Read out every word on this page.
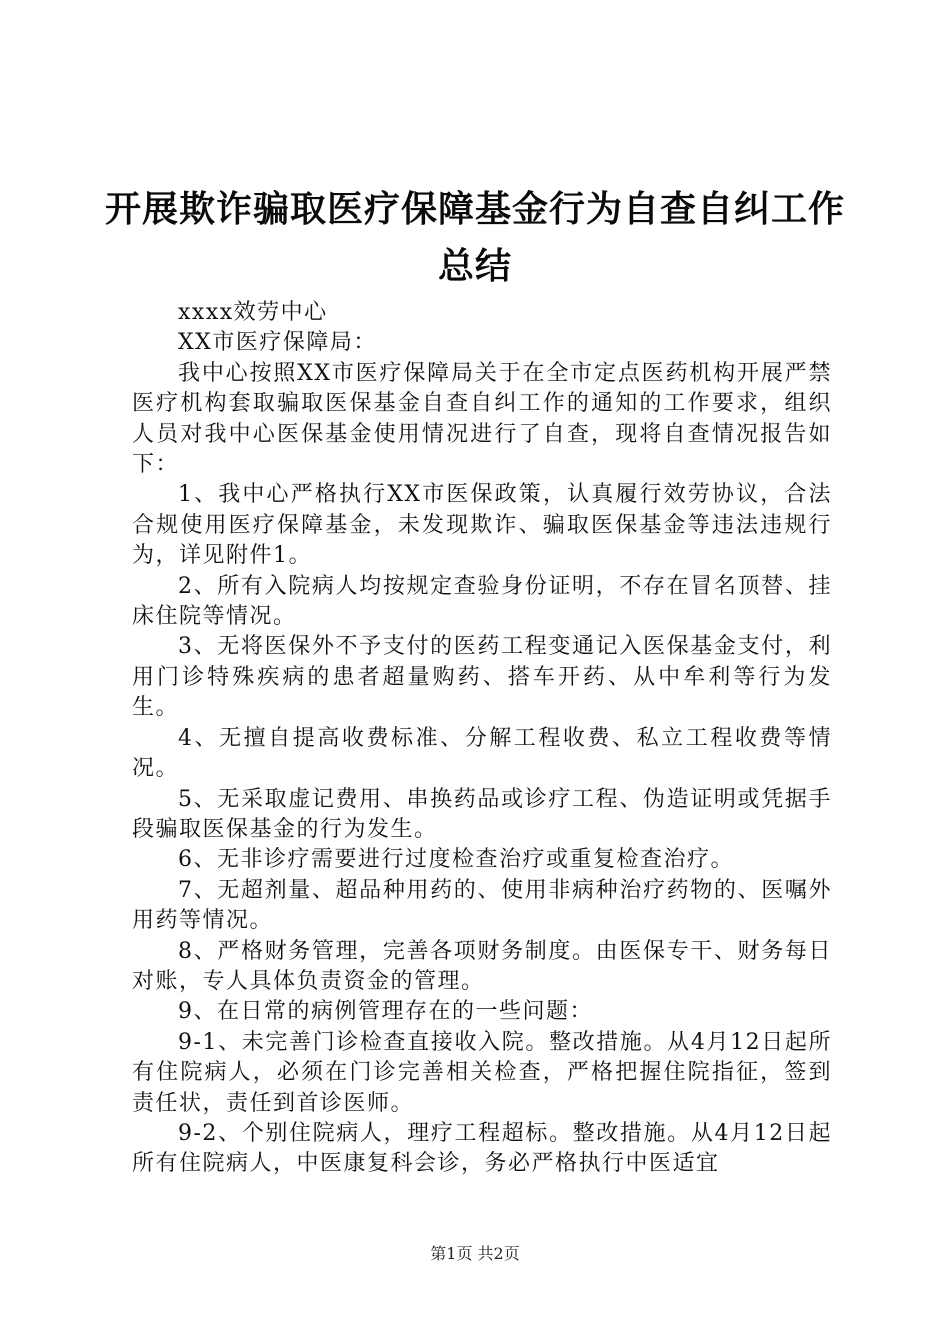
开展欺诈骗取医疗保障基金行为自查自纠工作
总结

xxxx效劳中心

XX市医疗保障局：

我中心按照XX市医疗保障局关于在全市定点医药机构开展严禁医疗机构套取骗取医保基金自查自纠工作的通知的工作要求，组织人员对我中心医保基金使用情况进行了自查，现将自查情况报告如下：

1、我中心严格执行XX市医保政策，认真履行效劳协议，合法合规使用医疗保障基金，未发现欺诈、骗取医保基金等违法违规行为，详见附件1。

2、所有入院病人均按规定查验身份证明，不存在冒名顶替、挂床住院等情况。

3、无将医保外不予支付的医药工程变通记入医保基金支付，利用门诊特殊疾病的患者超量购药、搭车开药、从中牟利等行为发生。

4、无擅自提高收费标准、分解工程收费、私立工程收费等情况。

5、无采取虚记费用、串换药品或诊疗工程、伪造证明或凭据手段骗取医保基金的行为发生。

6、无非诊疗需要进行过度检查治疗或重复检查治疗。

7、无超剂量、超品种用药的、使用非病种治疗药物的、医嘱外用药等情况。

8、严格财务管理，完善各项财务制度。由医保专干、财务每日对账，专人具体负责资金的管理。

9、在日常的病例管理存在的一些问题：

9-1、未完善门诊检查直接收入院。整改措施。从4月12日起所有住院病人，必须在门诊完善相关检查，严格把握住院指征，签到责任状，责任到首诊医师。

9-2、个别住院病人，理疗工程超标。整改措施。从4月12日起所有住院病人，中医康复科会诊，务必严格执行中医适宜

第1页 共2页
